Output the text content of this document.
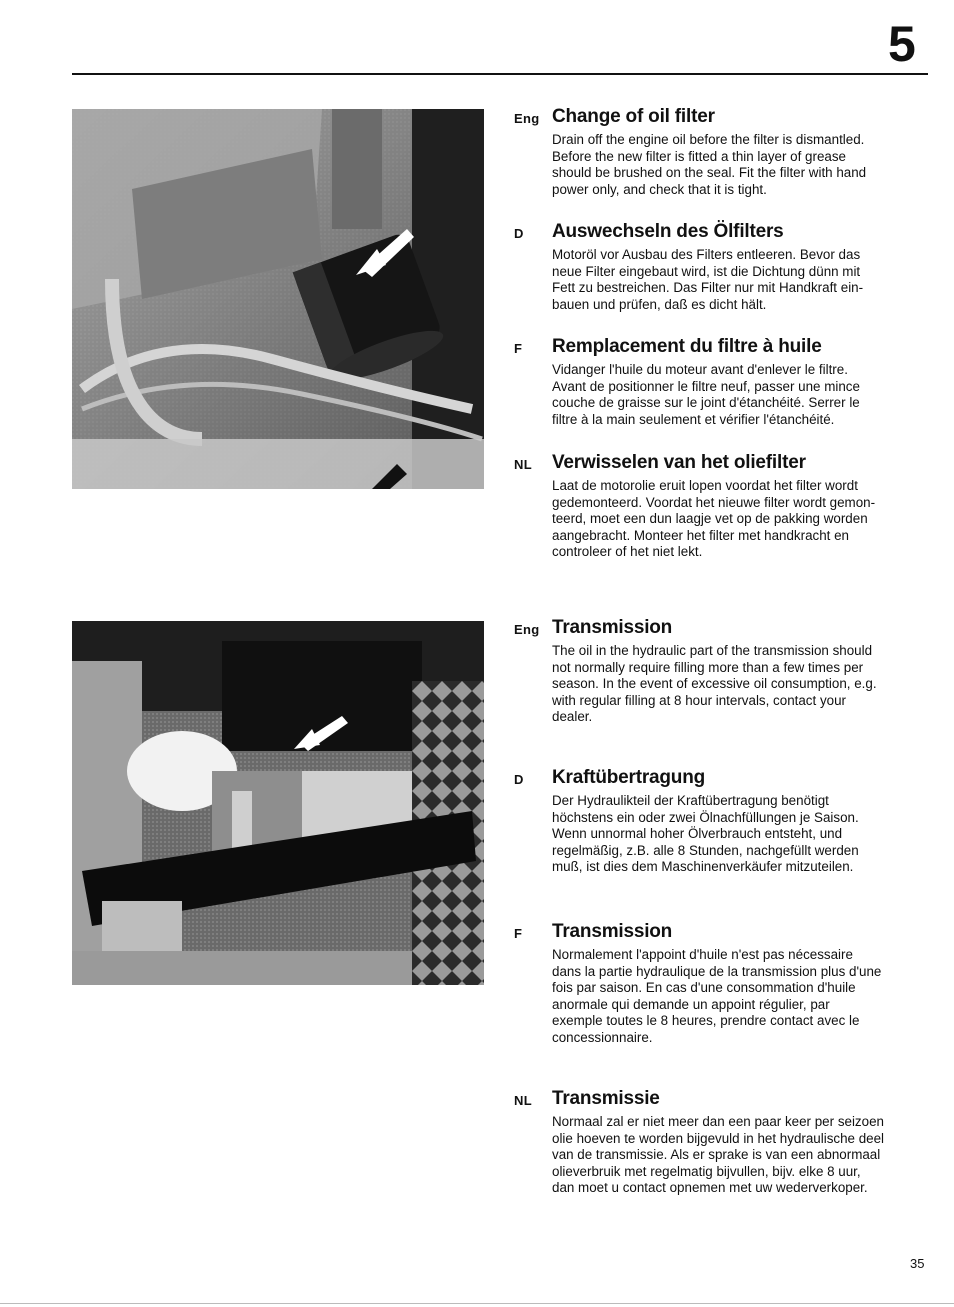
5
Eng Change of oil filter
Drain off the engine oil before the filter is dismantled.
Before the new filter is fitted a thin layer of grease
should be brushed on the seal. Fit the filter with hand
power only, and check that it is tight.
D Auswechseln des Ölfilters
Motoröl vor Ausbau des Filters entleeren. Bevor das
neue Filter eingebaut wird, ist die Dichtung dünn mit
Fett zu bestreichen. Das Filter nur mit Handkraft ein-
bauen und prüfen, daß es dicht hält.
F Remplacement du filtre à huile
Vidanger l'huile du moteur avant d'enlever le filtre.
Avant de positionner le filtre neuf, passer une mince
couche de graisse sur le joint d'étanchéité. Serrer le
filtre à la main seulement et vérifier l'étanchéité.
NL Verwisselen van het oliefilter
Laat de motorolie eruit lopen voordat het filter wordt
gedemonteerd. Voordat het nieuwe filter wordt gemon-
teerd, moet een dun laagje vet op de pakking worden
aangebracht. Monteer het filter met handkracht en
controleer of het niet lekt.
Eng Transmission
The oil in the hydraulic part of the transmission should
not normally require filling more than a few times per
season. In the event of excessive oil consumption, e.g.
with regular filling at 8 hour intervals, contact your
dealer.
D Kraftübertragung
Der Hydraulikteil der Kraftübertragung benötigt
höchstens ein oder zwei Ölnachfüllungen je Saison.
Wenn unnormal hoher Ölverbrauch entsteht, und
regelmäßig, z.B. alle 8 Stunden, nachgefüllt werden
muß, ist dies dem Maschinenverkäufer mitzuteilen.
F Transmission
Normalement l'appoint d'huile n'est pas nécessaire
dans la partie hydraulique de la transmission plus d'une
fois par saison. En cas d'une consommation d'huile
anormale qui demande un appoint régulier, par
exemple toutes le 8 heures, prendre contact avec le
concessionnaire.
NL Transmissie
Normaal zal er niet meer dan een paar keer per seizoen
olie hoeven te worden bijgevuld in het hydraulische deel
van de transmissie. Als er sprake is van een abnormaal
olieverbruik met regelmatig bijvullen, bijv. elke 8 uur,
dan moet u contact opnemen met uw wederverkoper.
35
